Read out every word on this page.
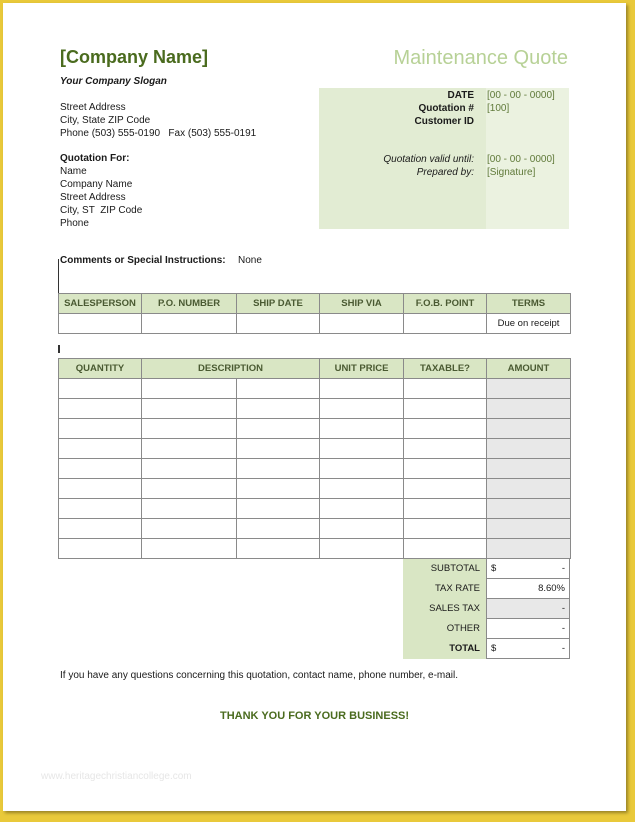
[Company Name]	Maintenance Quote
Your Company Slogan
Street Address
City, State ZIP Code
Phone (503) 555-0190   Fax (503) 555-0191
Quotation For:
Name
Company Name
Street Address
City, ST  ZIP Code
Phone
DATE [00 - 00 - 0000]
Quotation # [100]
Customer ID
Quotation valid until: [00 - 00 - 0000]
Prepared by: [Signature]
Comments or Special Instructions: None
SALESPERSON	P.O. NUMBER	SHIP DATE	SHIP VIA	F.O.B. POINT	TERMS
					Due on receipt
QUANTITY	DESCRIPTION		UNIT PRICE	TAXABLE?	AMOUNT

SUBTOTAL	$ -
TAX RATE	8.60%
SALES TAX	-
OTHER	-
TOTAL	$ -
If you have any questions concerning this quotation, contact name, phone number, e-mail.
THANK YOU FOR YOUR BUSINESS!
www.heritagechristiancollege.com
